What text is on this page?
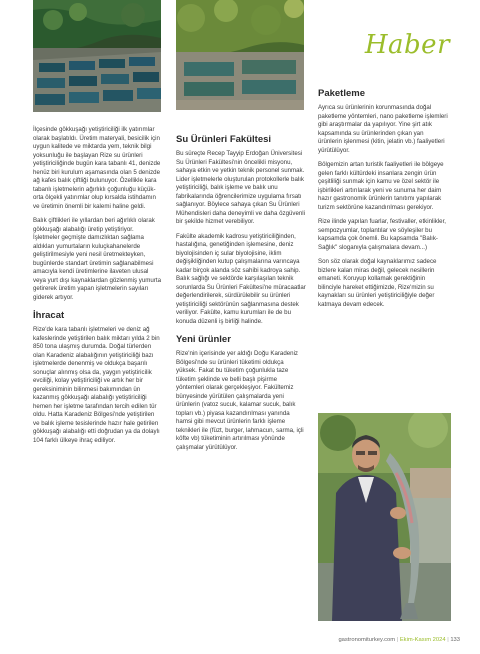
Haber

İlçesinde gökkuşağı yetiştiriciliği ilk yatırımlar olarak başlatıldı. Üretim materyali, besicilik için uygun kalitede ve miktarda yem, teknik bilgi yoksunluğu ile başlayan Rize su ürünleri yetiştiriciliğinde bugün kara tabanlı 41, denizde henüz biri kurulum aşamasında olan 5 denizde ağ kafes balık çiftliği bulunuyor. Özellikle kara tabanlı işletmelerin ağırlıklı çoğunluğu küçük-orta ölçekli yatırımlar olup kırsalda istihdamın ve üretimin önemli bir kalemi haline geldi.

Balık çiftlikleri ile yıllardan beri ağırlıklı olarak gökkuşağı alabalığı üretip yetiştiriyor. İşletmeler geçmişte damızlıktan sağlama aldıkları yumurtaların kuluçkahanelerde geliştirilmesiyle yeni nesil üretmekteyken, bugünlerde standart üretimin sağlanabilmesi amacıyla kendi üretimlerine ilaveten ulusal veya yurt dışı kaynaklardan gözlenmiş yumurta getirerek üretim yapan işletmelerin sayıları giderek artıyor.

İhracat

Rize'de kara tabanlı işletmeleri ve deniz ağ kafeslerinde yetiştirilen balık miktarı yılda 2 bin 850 tona ulaşmış durumda. Doğal türlerden olan Karadeniz alabalığının yetiştiriciliği bazı işletmelerde denenmiş ve oldukça başarılı sonuçlar alınmış olsa da, yaygın yetiştiricilik evciliği, kolay yetiştiriciliği ve artık her bir gereksiniminin bilinmesi bakımından ün kazanmış gökkuşağı alabalığı yetiştiriciliği hemen her işletme tarafından tercih edilen tür oldu. Hatta Karadeniz Bölgesi'nde yetiştirilen ve balık işleme tesislerinde hazır hale getirilen gökkuşağı alabalığı etti doğrudan ya da dolaylı 104 farklı ülkeye ihraç ediliyor.

Su Ürünleri Fakültesi

Bu süreçte Recep Tayyip Erdoğan Üniversitesi Su Ürünleri Fakültesi'nin öncelikli misyonu, sahaya etkin ve yetkin teknik personel sunmak. Lider işletmelerle oluşturulan protokollerle balık yetiştiriciliği, balık işleme ve balık unu fabrikalarında öğrencilerimize uygulama fırsatı sağlanıyor. Böylece sahaya çıkan Su Ürünleri Mühendisleri daha deneyimli ve daha özgüvenli bir şekilde hizmet verebiliyor.

Fakülte akademik kadrosu yetiştiriciliğinden, hastalığına, genetiğinden işlemesine, deniz biyolojisinden iç sular biyolojisine, iklim değişikliğinden kutup çalışmalarına varıncaya kadar birçok alanda söz sahibi kadroya sahip. Balık sağlığı ve sektörde karşılaşılan teknik sorunlarda Su Ürünleri Fakültesi'ne müracaatlar değerlendirilerek, sürdürülebilir su ürünleri yetiştiriciliği sektörünün sağlanmasına destek veriliyor. Fakülte, kamu kurumları ile de bu konuda düzenli iş birliği halinde.

Yeni ürünler

Rize'nin içerisinde yer aldığı Doğu Karadeniz Bölgesi'nde su ürünleri tüketimi oldukça yüksek. Fakat bu tüketim çoğunlukla taze tüketim şeklinde ve belli başlı pişirme yöntemleri olarak gerçekleşiyor. Fakültemiz bünyesinde yürütülen çalışmalarda yeni ürünlerin (vatoz sucuk, kalamar sucuk, balık topları vb.) piyasa kazandırılması yanında hamsi gibi mevcut ürünlerin farklı işleme teknikleri ile (füzt, burger, lahmacun, sarma, içli köfte vb) tüketiminin artırılması yönünde çalışmalar yürütülüyor.

Paketleme

Ayrıca su ürünlerinin korunmasında doğal paketleme yöntemleri, nano paketleme işlemleri gibi araştırmalar da yapılıyor. Yine şirt atık kapsamında su ürünlerinden çıkan yan ürünlerin işlenmesi (kitin, jelatin vb.) faaliyetleri yürütülüyor.

Bölgemizin artan turistik faaliyetleri ile bölgeye gelen farklı kültürdeki insanlara zengin ürün çeşitliliği sunmak için kamu ve özel sektör ile işbirlikleri artırılarak yeni ve sunuma her daim hazır gastronomik ürünlerin tanıtımı yapılarak turizm sektörüne kazandırılması gerekiyor.

Rize ilinde yapılan fuarlar, festivaller, etkinlikler, sempozyumlar, toplantılar ve söyleşiler bu kapsamda çok önemli. Bu kapsamda "Balık-Sağlık" sloganıyla çalışmalara devam...)

Son söz olarak doğal kaynaklarımız sadece bizlere kalan miras değil, gelecek nesillerin emaneti. Koruyup kollamak gerektiğinin bilinciyle hareket ettiğimizde, Rize'mizin su kaynakları su ürünleri yetiştiriciliğiyle değer katmaya devam edecek.

gastronomiturkey.com | Ekim-Kasım 2024 | 133
